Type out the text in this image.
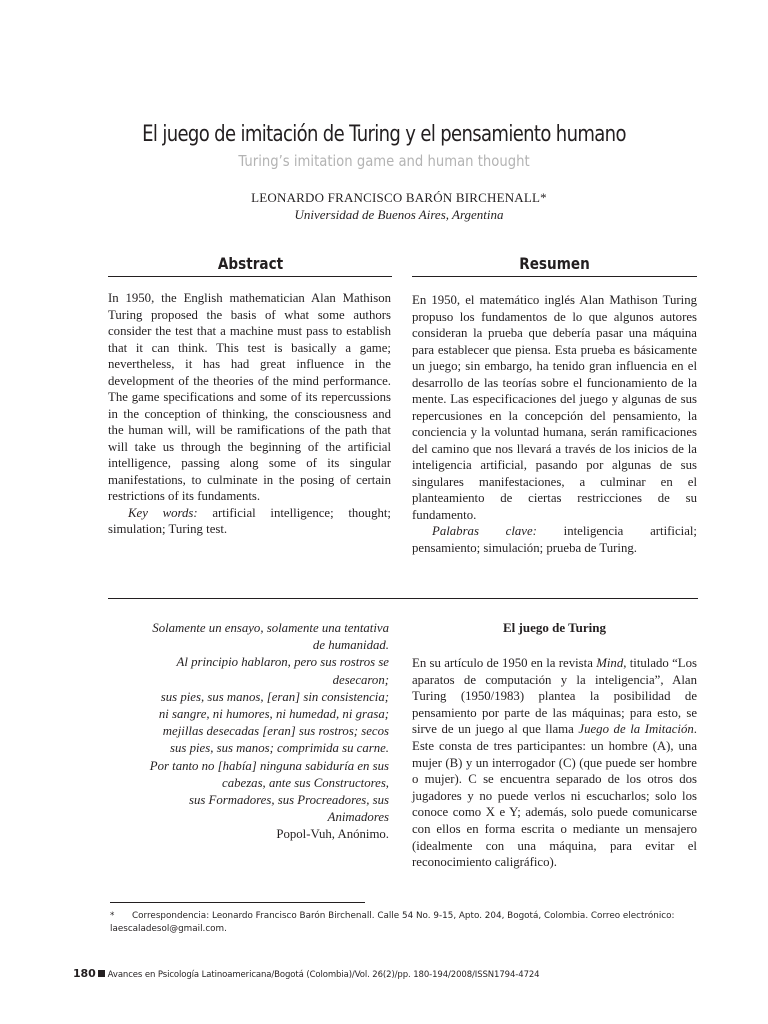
El juego de imitación de Turing y el pensamiento humano
Turing’s imitation game and human thought
LEONARDO FRANCISCO BARÓN BIRCHENALL*
Universidad de Buenos Aires, Argentina
Abstract

In 1950, the English mathematician Alan Mathison Turing proposed the basis of what some authors consider the test that a machine must pass to establish that it can think. This test is basically a game; nevertheless, it has had great influence in the development of the theories of the mind performance. The game specifications and some of its repercussions in the conception of thinking, the consciousness and the human will, will be ramifications of the path that will take us through the beginning of the artificial intelligence, passing along some of its singular manifestations, to culminate in the posing of certain restrictions of its fundaments.

Key words: artificial intelligence; thought; simulation; Turing test.

Resumen

En 1950, el matemático inglés Alan Mathison Turing propuso los fundamentos de lo que algunos autores consideran la prueba que debería pasar una máquina para establecer que piensa. Esta prueba es básicamente un juego; sin embargo, ha tenido gran influencia en el desarrollo de las teorías sobre el funcionamiento de la mente. Las especificaciones del juego y algunas de sus repercusiones en la concepción del pensamiento, la conciencia y la voluntad humana, serán ramificaciones del camino que nos llevará a través de los inicios de la inteligencia artificial, pasando por algunas de sus singulares manifestaciones, a culminar en el planteamiento de ciertas restricciones de su fundamento.

Palabras clave: inteligencia artificial; pensamiento; simulación; prueba de Turing.

Solamente un ensayo, solamente una tentativa
de humanidad.
Al principio hablaron, pero sus rostros se
desecaron;
sus pies, sus manos, [eran] sin consistencia;
ni sangre, ni humores, ni humedad, ni grasa;
mejillas desecadas [eran] sus rostros; secos
sus pies, sus manos; comprimida su carne.
Por tanto no [había] ninguna sabiduría en sus
cabezas, ante sus Constructores,
sus Formadores, sus Procreadores, sus
Animadores
Popol-Vuh, Anónimo.
El juego de Turing
En su artículo de 1950 en la revista Mind, titulado “Los aparatos de computación y la inteligencia”, Alan Turing (1950/1983) plantea la posibilidad de pensamiento por parte de las máquinas; para esto, se sirve de un juego al que llama Juego de la Imitación. Este consta de tres participantes: un hombre (A), una mujer (B) y un interrogador (C) (que puede ser hombre o mujer). C se encuentra separado de los otros dos jugadores y no puede verlos ni escucharlos; solo los conoce como X e Y; además, solo puede comunicarse con ellos en forma escrita o mediante un mensajero (idealmente con una máquina, para evitar el reconocimiento caligráfico).
* Correspondencia: Leonardo Francisco Barón Birchenall. Calle 54 No. 9-15, Apto. 204, Bogotá, Colombia. Correo electrónico: laescaladesol@gmail.com.
180 Avances en Psicología Latinoamericana/Bogotá (Colombia)/Vol. 26(2)/pp. 180-194/2008/ISSN1794-4724
